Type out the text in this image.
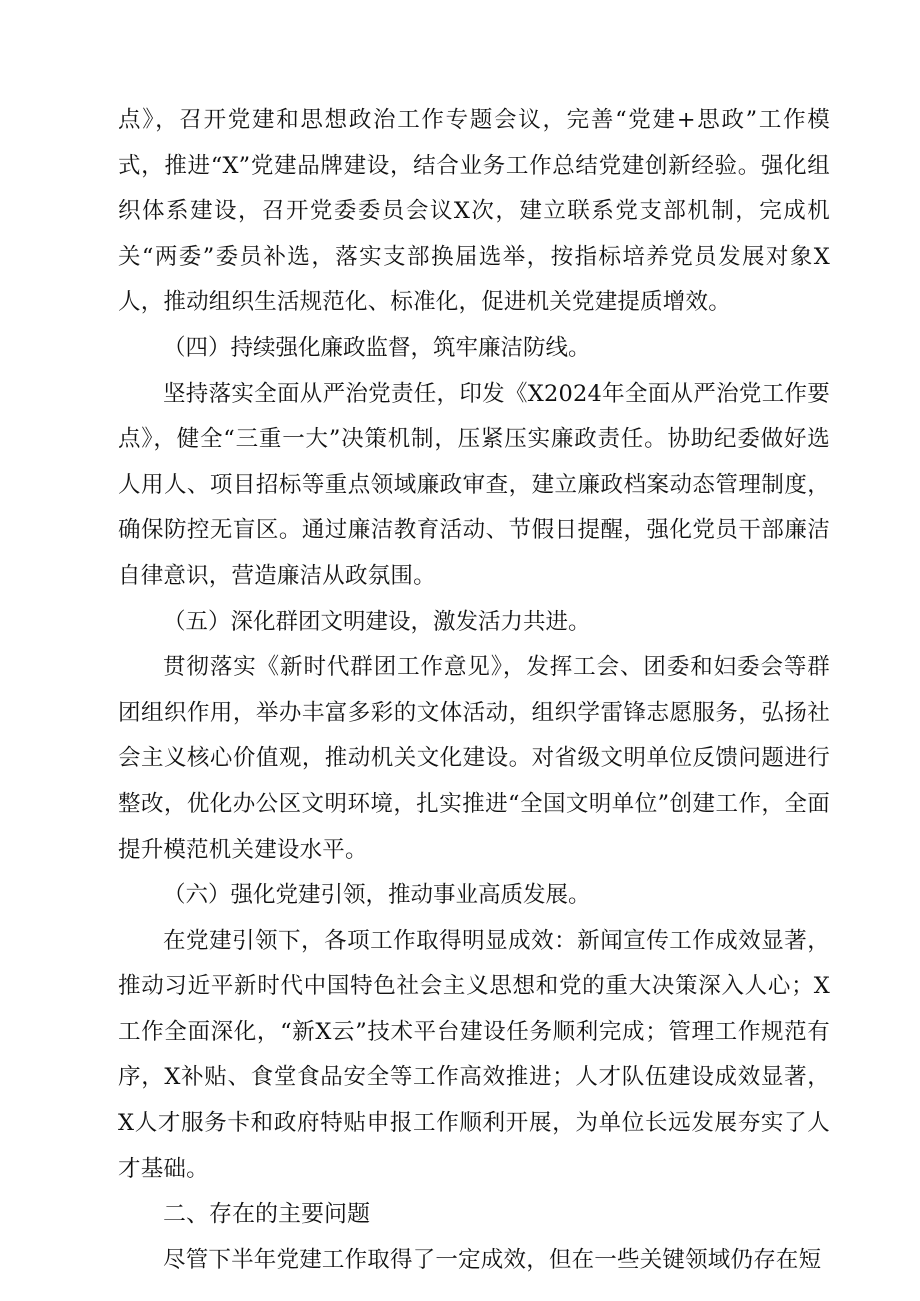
点》，召开党建和思想政治工作专题会议，完善“党建+思政”工作模式，推进“X”党建品牌建设，结合业务工作总结党建创新经验。强化组织体系建设，召开党委委员会议X次，建立联系党支部机制，完成机关“两委”委员补选，落实支部换届选举，按指标培养党员发展对象X人，推动组织生活规范化、标准化，促进机关党建提质增效。

（四）持续强化廉政监督，筑牢廉洁防线。

坚持落实全面从严治党责任，印发《X2024年全面从严治党工作要点》，健全“三重一大”决策机制，压紧压实廉政责任。协助纪委做好选人用人、项目招标等重点领域廉政审查，建立廉政档案动态管理制度，确保防控无盲区。通过廉洁教育活动、节假日提醒，强化党员干部廉洁自律意识，营造廉洁从政氛围。

（五）深化群团文明建设，激发活力共进。

贯彻落实《新时代群团工作意见》，发挥工会、团委和妇委会等群团组织作用，举办丰富多彩的文体活动，组织学雷锋志愿服务，弘扬社会主义核心价值观，推动机关文化建设。对省级文明单位反馈问题进行整改，优化办公区文明环境，扎实推进“全国文明单位”创建工作，全面提升模范机关建设水平。

（六）强化党建引领，推动事业高质发展。

在党建引领下，各项工作取得明显成效：新闻宣传工作成效显著，推动习近平新时代中国特色社会主义思想和党的重大决策深入人心；X工作全面深化，“新X云”技术平台建设任务顺利完成；管理工作规范有序，X补贴、食堂食品安全等工作高效推进；人才队伍建设成效显著，X人才服务卡和政府特贴申报工作顺利开展，为单位长远发展夯实了人才基础。

二、存在的主要问题

尽管下半年党建工作取得了一定成效，但在一些关键领域仍存在短
